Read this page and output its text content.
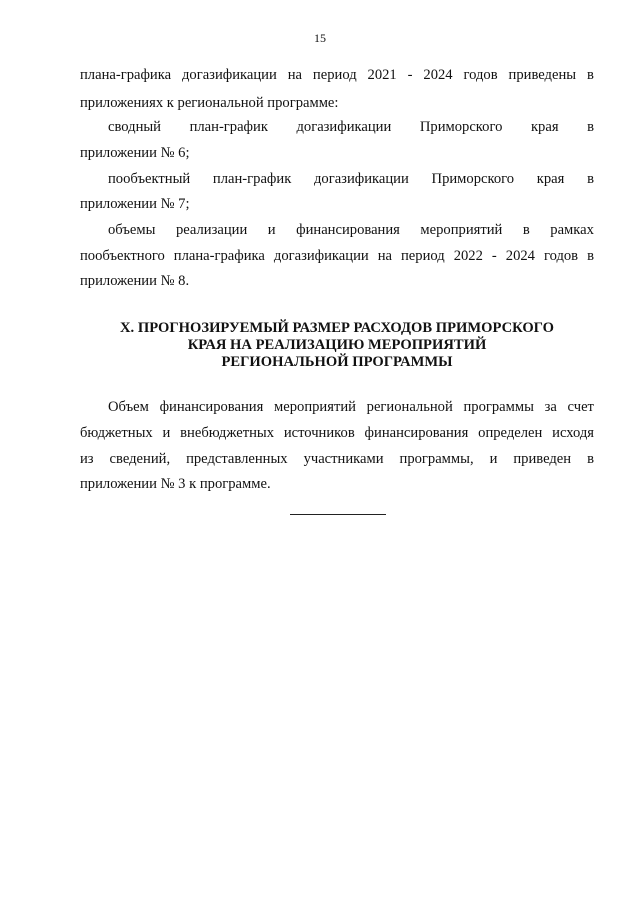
15
плана-графика догазификации на период 2021 - 2024 годов приведены в
приложениях к региональной программе:
сводный план-график догазификации Приморского края в
приложении № 6;
пообъектный план-график догазификации Приморского края в
приложении № 7;
объемы реализации и финансирования мероприятий в рамках
пообъектного плана-графика догазификации на период 2022 - 2024 годов в
приложении № 8.
X. ПРОГНОЗИРУЕМЫЙ РАЗМЕР РАСХОДОВ ПРИМОРСКОГО
КРАЯ НА РЕАЛИЗАЦИЮ МЕРОПРИЯТИЙ
РЕГИОНАЛЬНОЙ ПРОГРАММЫ
Объем финансирования мероприятий региональной программы за счет
бюджетных и внебюджетных источников финансирования определен исходя
из сведений, представленных участниками программы, и приведен в
приложении № 3 к программе.
